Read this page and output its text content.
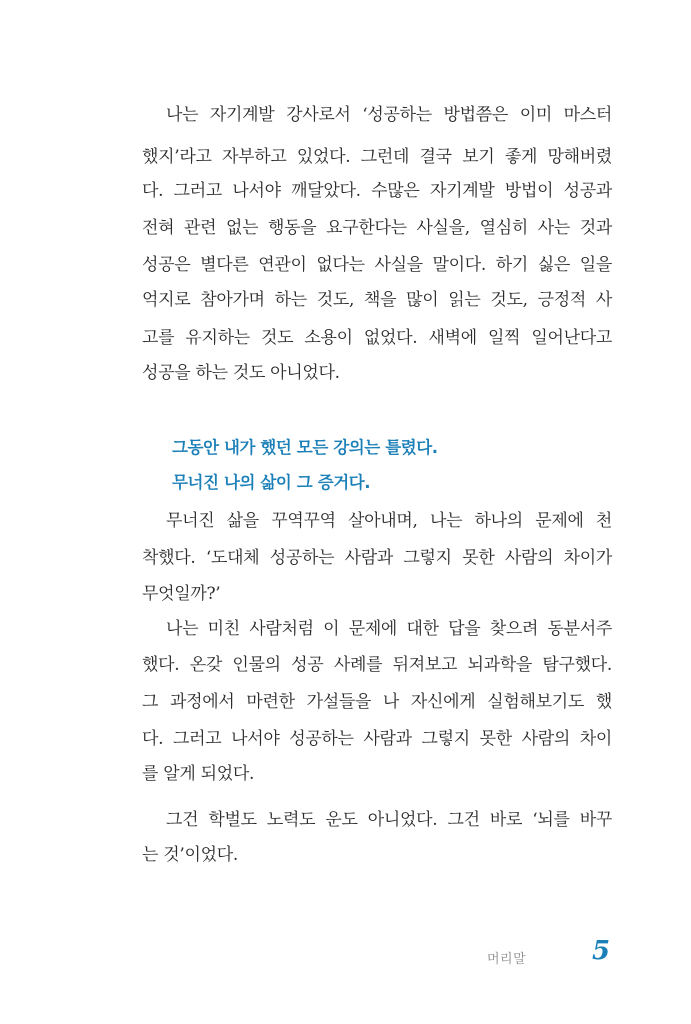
나는 자기계발 강사로서 ‘성공하는 방법쯤은 이미 마스터
했지’라고 자부하고 있었다. 그런데 결국 보기 좋게 망해버렸
다. 그러고 나서야 깨달았다. 수많은 자기계발 방법이 성공과
전혀 관련 없는 행동을 요구한다는 사실을, 열심히 사는 것과
성공은 별다른 연관이 없다는 사실을 말이다. 하기 싫은 일을
억지로 참아가며 하는 것도, 책을 많이 읽는 것도, 긍정적 사
고를 유지하는 것도 소용이 없었다. 새벽에 일찍 일어난다고
성공을 하는 것도 아니었다.
그동안 내가 했던 모든 강의는 틀렸다.
무너진 나의 삶이 그 증거다.
무너진 삶을 꾸역꾸역 살아내며, 나는 하나의 문제에 천
착했다. ‘도대체 성공하는 사람과 그렇지 못한 사람의 차이가
무엇일까?’
나는 미친 사람처럼 이 문제에 대한 답을 찾으려 동분서주
했다. 온갖 인물의 성공 사례를 뒤져보고 뇌과학을 탐구했다.
그 과정에서 마련한 가설들을 나 자신에게 실험해보기도 했
다. 그러고 나서야 성공하는 사람과 그렇지 못한 사람의 차이
를 알게 되었다.
그건 학벌도 노력도 운도 아니었다. 그건 바로 ‘뇌를 바꾸
는 것’이었다.
머리말	5
